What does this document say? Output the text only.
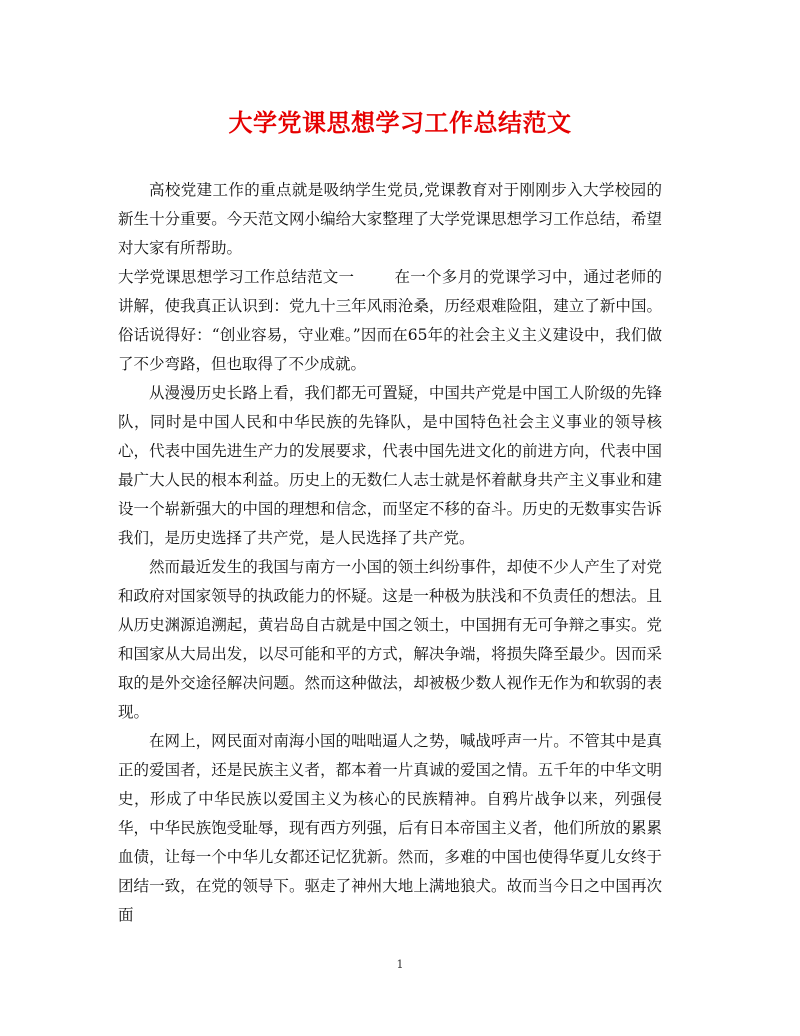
大学党课思想学习工作总结范文

高校党建工作的重点就是吸纳学生党员,党课教育对于刚刚步入大学校园的新生十分重要。今天范文网小编给大家整理了大学党课思想学习工作总结，希望对大家有所帮助。

大学党课思想学习工作总结范文一	在一个多月的党课学习中，通过老师的讲解，使我真正认识到：党九十三年风雨沧桑，历经艰难险阻，建立了新中国。俗话说得好：“创业容易，守业难。”因而在65年的社会主义主义建设中，我们做了不少弯路，但也取得了不少成就。

从漫漫历史长路上看，我们都无可置疑，中国共产党是中国工人阶级的先锋队，同时是中国人民和中华民族的先锋队，是中国特色社会主义事业的领导核心，代表中国先进生产力的发展要求，代表中国先进文化的前进方向，代表中国最广大人民的根本利益。历史上的无数仁人志士就是怀着献身共产主义事业和建设一个崭新强大的中国的理想和信念，而坚定不移的奋斗。历史的无数事实告诉我们，是历史选择了共产党，是人民选择了共产党。

然而最近发生的我国与南方一小国的领土纠纷事件，却使不少人产生了对党和政府对国家领导的执政能力的怀疑。这是一种极为肤浅和不负责任的想法。且从历史渊源追溯起，黄岩岛自古就是中国之领土，中国拥有无可争辩之事实。党和国家从大局出发，以尽可能和平的方式，解决争端，将损失降至最少。因而采取的是外交途径解决问题。然而这种做法，却被极少数人视作无作为和软弱的表现。

在网上，网民面对南海小国的咄咄逼人之势，喊战呼声一片。不管其中是真正的爱国者，还是民族主义者，都本着一片真诚的爱国之情。五千年的中华文明史，形成了中华民族以爱国主义为核心的民族精神。自鸦片战争以来，列强侵华，中华民族饱受耻辱，现有西方列强，后有日本帝国主义者，他们所放的累累血债，让每一个中华儿女都还记忆犹新。然而，多难的中国也使得华夏儿女终于团结一致，在党的领导下。驱走了神州大地上满地狼犬。故而当今日之中国再次面

1
